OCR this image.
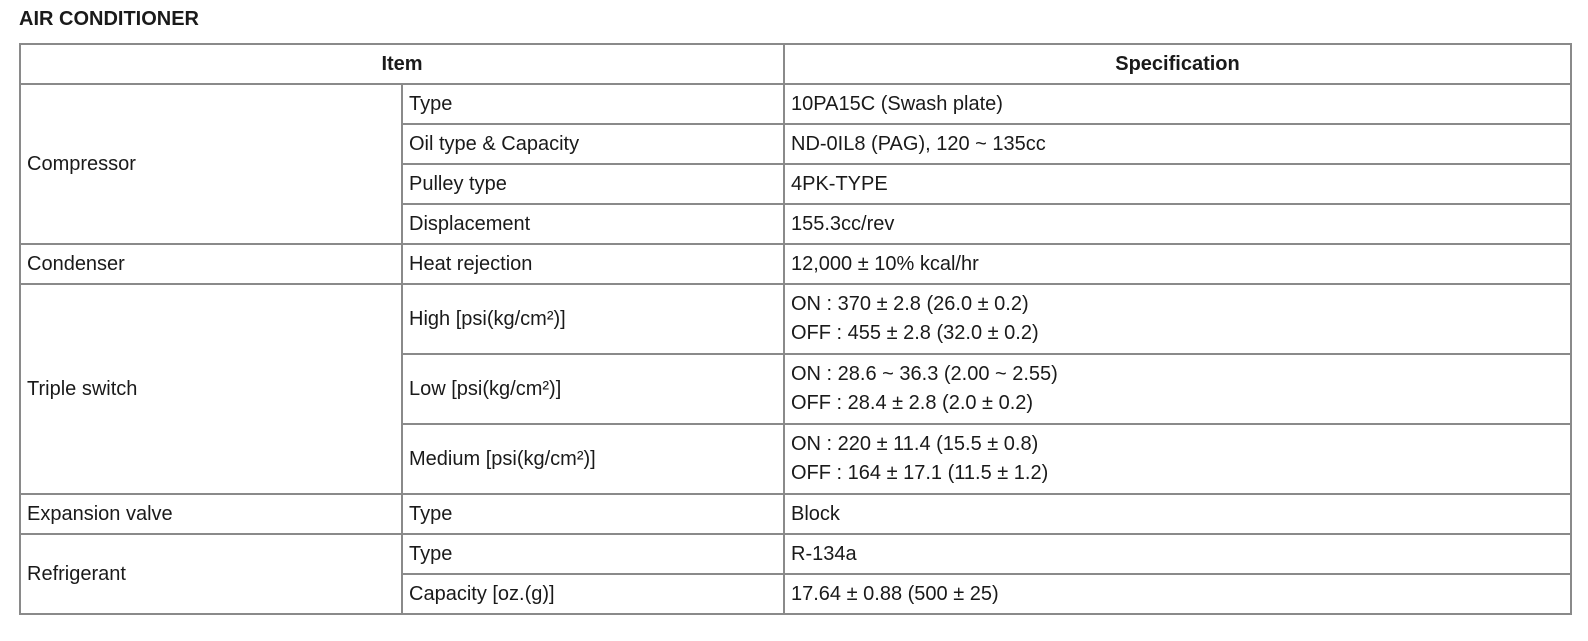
AIR CONDITIONER
Item		Specification
Compressor	Type	10PA15C (Swash plate)

	Oil type & Capacity	ND-0IL8 (PAG), 120 ~ 135cc

	Pulley type	4PK-TYPE

	Displacement	155.3cc/rev

Condenser	Heat rejection	12,000 ± 10% kcal/hr

Triple switch	High [psi(kg/cm²)]	ON : 370 ± 2.8 (26.0 ± 0.2)
OFF : 455 ± 2.8 (32.0 ± 0.2)

	Low [psi(kg/cm²)]	ON : 28.6 ~ 36.3 (2.00 ~ 2.55)
OFF : 28.4 ± 2.8 (2.0 ± 0.2)

	Medium [psi(kg/cm²)]	ON : 220 ± 11.4 (15.5 ± 0.8)
OFF : 164 ± 17.1 (11.5 ± 1.2)

Expansion valve	Type	Block

Refrigerant	Type	R-134a

	Capacity [oz.(g)]	17.64 ± 0.88 (500 ± 25)
